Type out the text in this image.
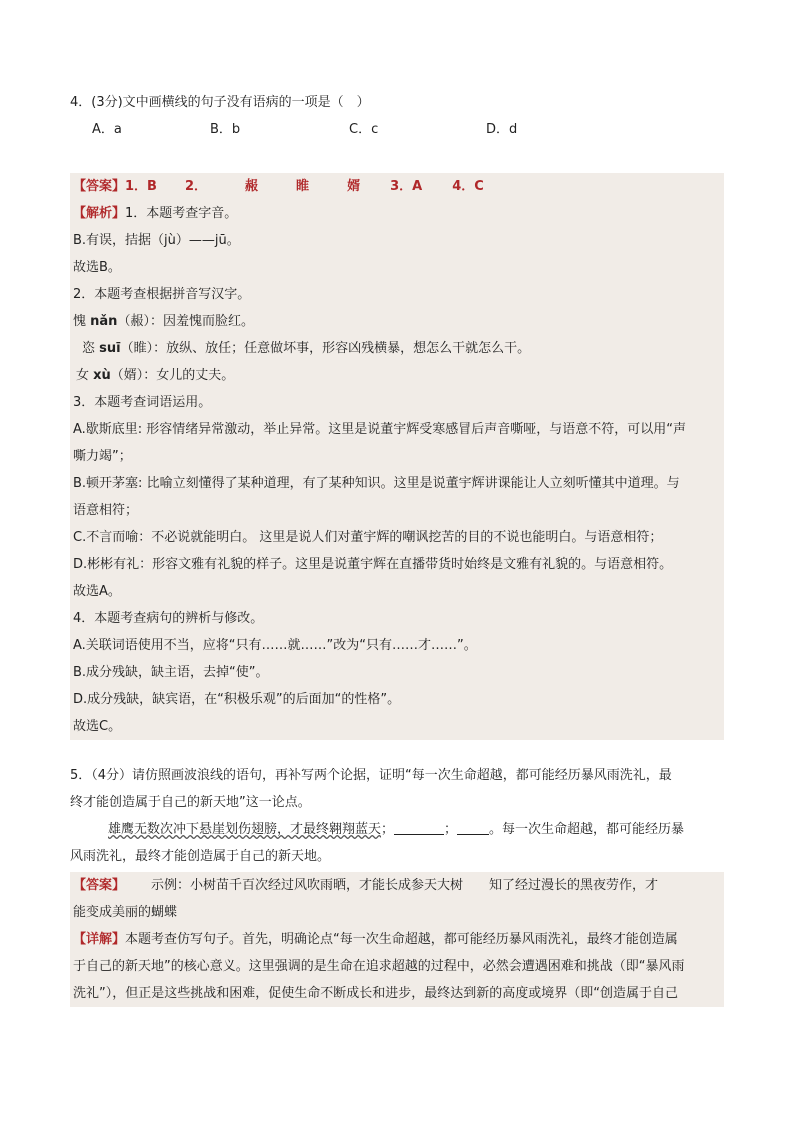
4．(3分)文中画横线的句子没有语病的一项是（　）
A．a	B．b	C．c	D．d
【答案】1．B 2．	赧	睢	婿 3．A 4．C
【解析】1．本题考查字音。
B.有误，拮据（jù）——jū。
故选B。
2．本题考查根据拼音写汉字。
愧 nǎn（赧）：因羞愧而脸红。
恣 suī（睢）：放纵、放任；任意做坏事，形容凶残横暴，想怎么干就怎么干。
女 xù（婿）：女儿的丈夫。
3．本题考查词语运用。
A.歇斯底里: 形容情绪异常激动，举止异常。这里是说董宇辉受寒感冒后声音嘶哑，与语意不符，可以用“声
嘶力竭”；
B.顿开茅塞: 比喻立刻懂得了某种道理，有了某种知识。这里是说董宇辉讲课能让人立刻听懂其中道理。与
语意相符；
C.不言而喻：不必说就能明白。 这里是说人们对董宇辉的嘲讽挖苦的目的不说也能明白。与语意相符；
D.彬彬有礼：形容文雅有礼貌的样子。这里是说董宇辉在直播带货时始终是文雅有礼貌的。与语意相符。
故选A。
4．本题考查病句的辨析与修改。
A.关联词语使用不当，应将“只有……就……”改为“只有……才……”。
B.成分残缺，缺主语，去掉“使”。
D.成分残缺，缺宾语，在“积极乐观”的后面加“的性格”。
故选C。
5．（4分）请仿照画波浪线的语句，再补写两个论据，证明“每一次生命超越，都可能经历暴风雨洗礼，最
终才能创造属于自己的新天地”这一论点。
雄鹰无数次冲下悬崖划伤翅膀，才最终翱翔蓝天；	； 。每一次生命超越，都可能经历暴
风雨洗礼，最终才能创造属于自己的新天地。
【答案】 示例：小树苗千百次经过风吹雨晒，才能长成参天大树 知了经过漫长的黑夜劳作，才
能变成美丽的蝴蝶
【详解】本题考查仿写句子。首先，明确论点“每一次生命超越，都可能经历暴风雨洗礼，最终才能创造属
于自己的新天地”的核心意义。这里强调的是生命在追求超越的过程中，必然会遭遇困难和挑战（即“暴风雨
洗礼”），但正是这些挑战和困难，促使生命不断成长和进步，最终达到新的高度或境界（即“创造属于自己
